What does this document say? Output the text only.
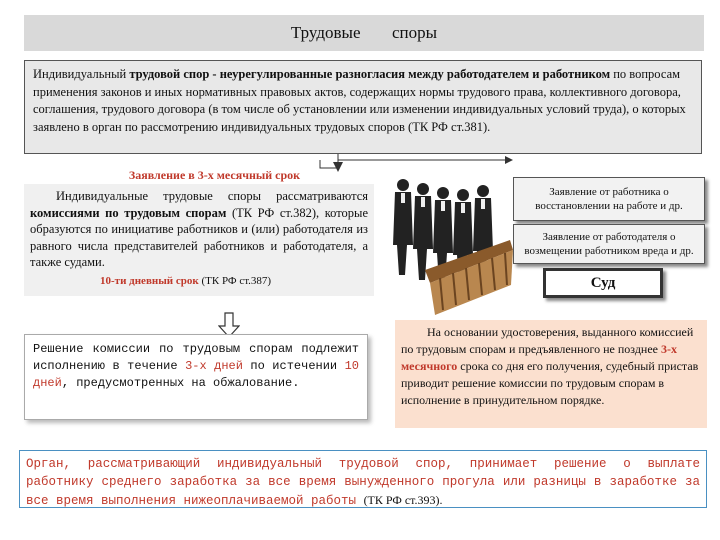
Трудовые
споры
Индивидуальный трудовой спор - неурегулированные разногласия между работодателем и работником по вопросам применения законов и иных нормативных правовых актов, содержащих нормы трудового права, коллективного договора, соглашения, трудового договора (в том числе об установлении или изменении индивидуальных условий труда), о которых заявлено в орган по рассмотрению индивидуальных трудовых споров (ТК РФ ст.381).
Заявление в 3-х месячный срок
Индивидуальные трудовые споры рассматриваются комиссиями по трудовым спорам (ТК РФ ст.382), которые образуются по инициативе работников и (или) работодателя из равного числа представителей работников и работодателя, а также судами.
10-ти дневный срок (ТК РФ ст.387)
Решение комиссии по трудовым спорам подлежит исполнению в течение 3-х дней по истечении 10 дней, предусмотренных на обжалование.
Заявление от работника о восстановлении на работе и др.
Заявление от работодателя о возмещении работником вреда и др.
Суд
На основании удостоверения, выданного комиссией по трудовым спорам и предъявленного не позднее 3-х месячного срока со дня его получения, судебный пристав приводит решение комиссии по трудовым спорам в исполнение в принудительном порядке.
Орган, рассматривающий индивидуальный трудовой спор, принимает решение о выплате работнику среднего заработка за все время вынужденного прогула или разницы в заработке за все время выполнения нижеоплачиваемой работы (ТК РФ ст.393).
